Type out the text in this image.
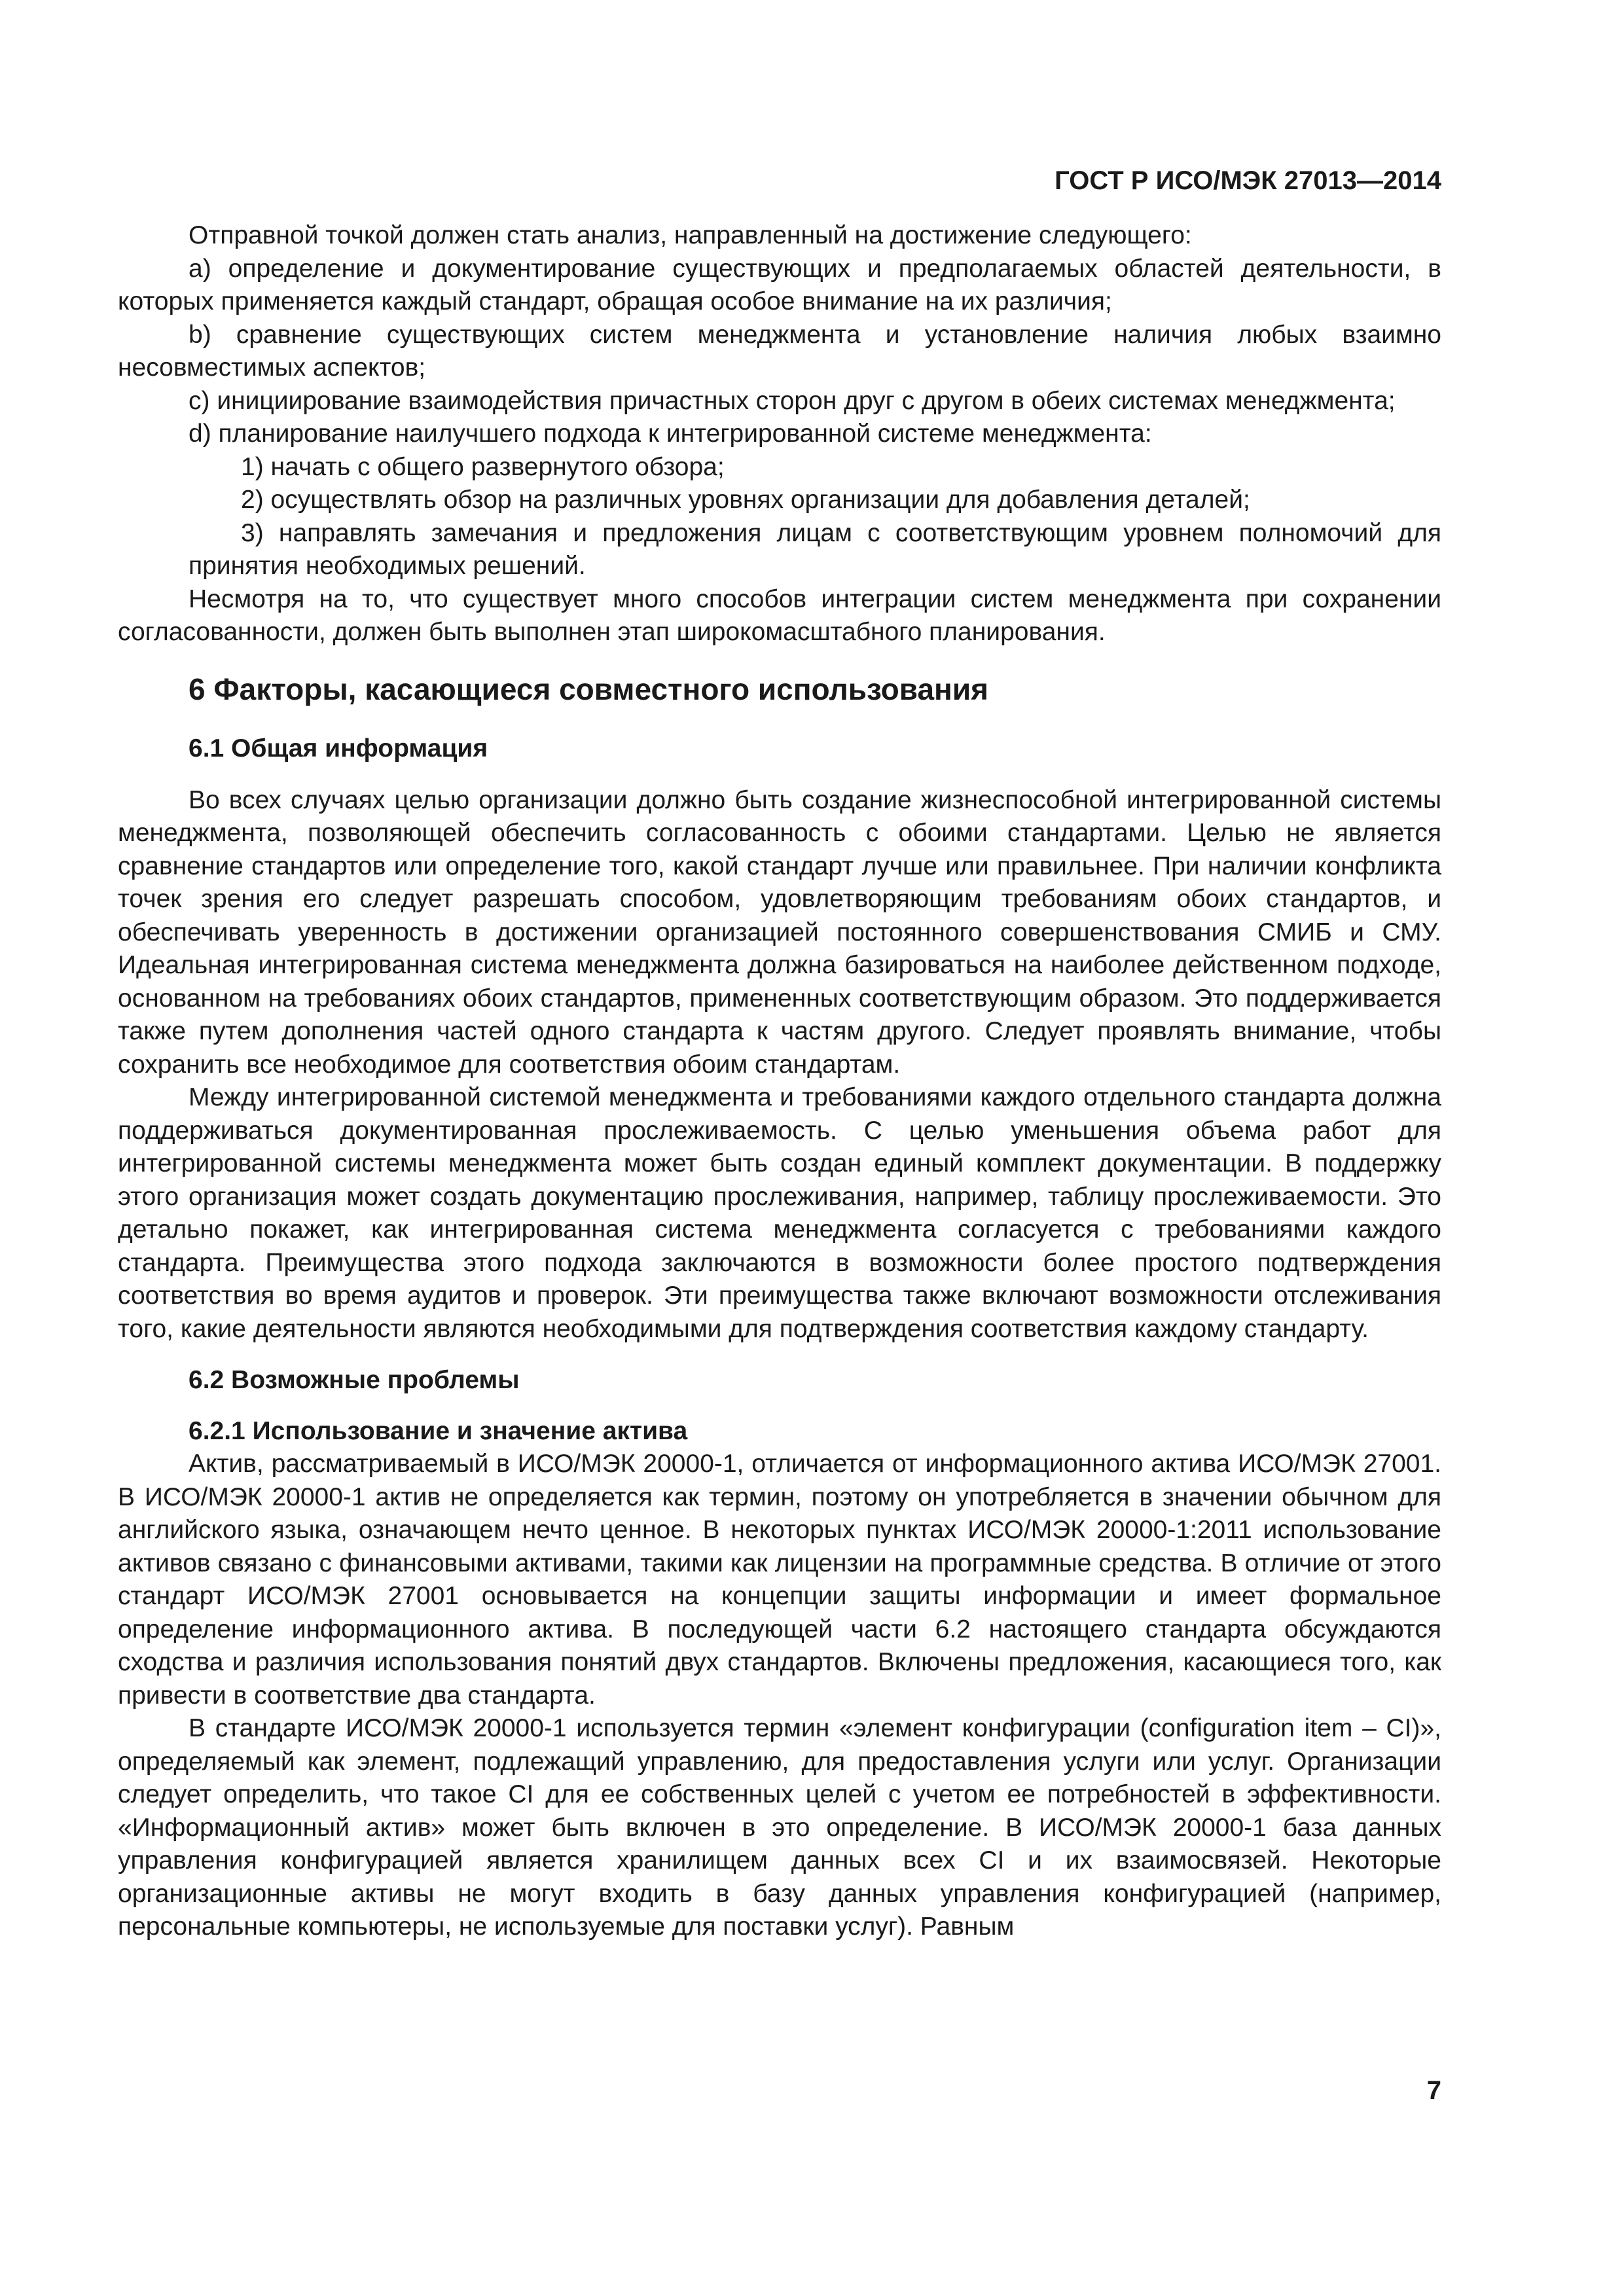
ГОСТ Р ИСО/МЭК 27013—2014

Отправной точкой должен стать анализ, направленный на достижение следующего:

a) определение и документирование существующих и предполагаемых областей деятельности, в которых применяется каждый стандарт, обращая особое внимание на их различия;

b) сравнение существующих систем менеджмента и установление наличия любых взаимно несовместимых аспектов;

c) инициирование взаимодействия причастных сторон друг с другом в обеих системах менеджмента;

d) планирование наилучшего подхода к интегрированной системе менеджмента:

1) начать с общего развернутого обзора;

2) осуществлять обзор на различных уровнях организации для добавления деталей;

3) направлять замечания и предложения лицам с соответствующим уровнем полномочий для принятия необходимых решений.

Несмотря на то, что существует много способов интеграции систем менеджмента при сохранении согласованности, должен быть выполнен этап широкомасштабного планирования.

6 Факторы, касающиеся совместного использования
6.1 Общая информация

Во всех случаях целью организации должно быть создание жизнеспособной интегрированной системы менеджмента, позволяющей обеспечить согласованность с обоими стандартами. Целью не является сравнение стандартов или определение того, какой стандарт лучше или правильнее. При наличии конфликта точек зрения его следует разрешать способом, удовлетворяющим требованиям обоих стандартов, и обеспечивать уверенность в достижении организацией постоянного совершенствования СМИБ и СМУ. Идеальная интегрированная система менеджмента должна базироваться на наиболее действенном подходе, основанном на требованиях обоих стандартов, примененных соответствующим образом. Это поддерживается также путем дополнения частей одного стандарта к частям другого. Следует проявлять внимание, чтобы сохранить все необходимое для соответствия обоим стандартам.

Между интегрированной системой менеджмента и требованиями каждого отдельного стандарта должна поддерживаться документированная прослеживаемость. С целью уменьшения объема работ для интегрированной системы менеджмента может быть создан единый комплект документации. В поддержку этого организация может создать документацию прослеживания, например, таблицу прослеживаемости. Это детально покажет, как интегрированная система менеджмента согласуется с требованиями каждого стандарта. Преимущества этого подхода заключаются в возможности более простого подтверждения соответствия во время аудитов и проверок. Эти преимущества также включают возможности отслеживания того, какие деятельности являются необходимыми для подтверждения соответствия каждому стандарту.

6.2 Возможные проблемы
6.2.1 Использование и значение актива

Актив, рассматриваемый в ИСО/МЭК 20000-1, отличается от информационного актива ИСО/МЭК 27001. В ИСО/МЭК 20000-1 актив не определяется как термин, поэтому он употребляется в значении обычном для английского языка, означающем нечто ценное. В некоторых пунктах ИСО/МЭК 20000-1:2011 использование активов связано с финансовыми активами, такими как лицензии на программные средства. В отличие от этого стандарт ИСО/МЭК 27001 основывается на концепции защиты информации и имеет формальное определение информационного актива. В последующей части 6.2 настоящего стандарта обсуждаются сходства и различия использования понятий двух стандартов. Включены предложения, касающиеся того, как привести в соответствие два стандарта.

В стандарте ИСО/МЭК 20000-1 используется термин «элемент конфигурации (configuration item – CI)», определяемый как элемент, подлежащий управлению, для предоставления услуги или услуг. Организации следует определить, что такое CI для ее собственных целей с учетом ее потребностей в эффективности. «Информационный актив» может быть включен в это определение. В ИСО/МЭК 20000-1 база данных управления конфигурацией является хранилищем данных всех CI и их взаимосвязей. Некоторые организационные активы не могут входить в базу данных управления конфигурацией (например, персональные компьютеры, не используемые для поставки услуг). Равным

7
